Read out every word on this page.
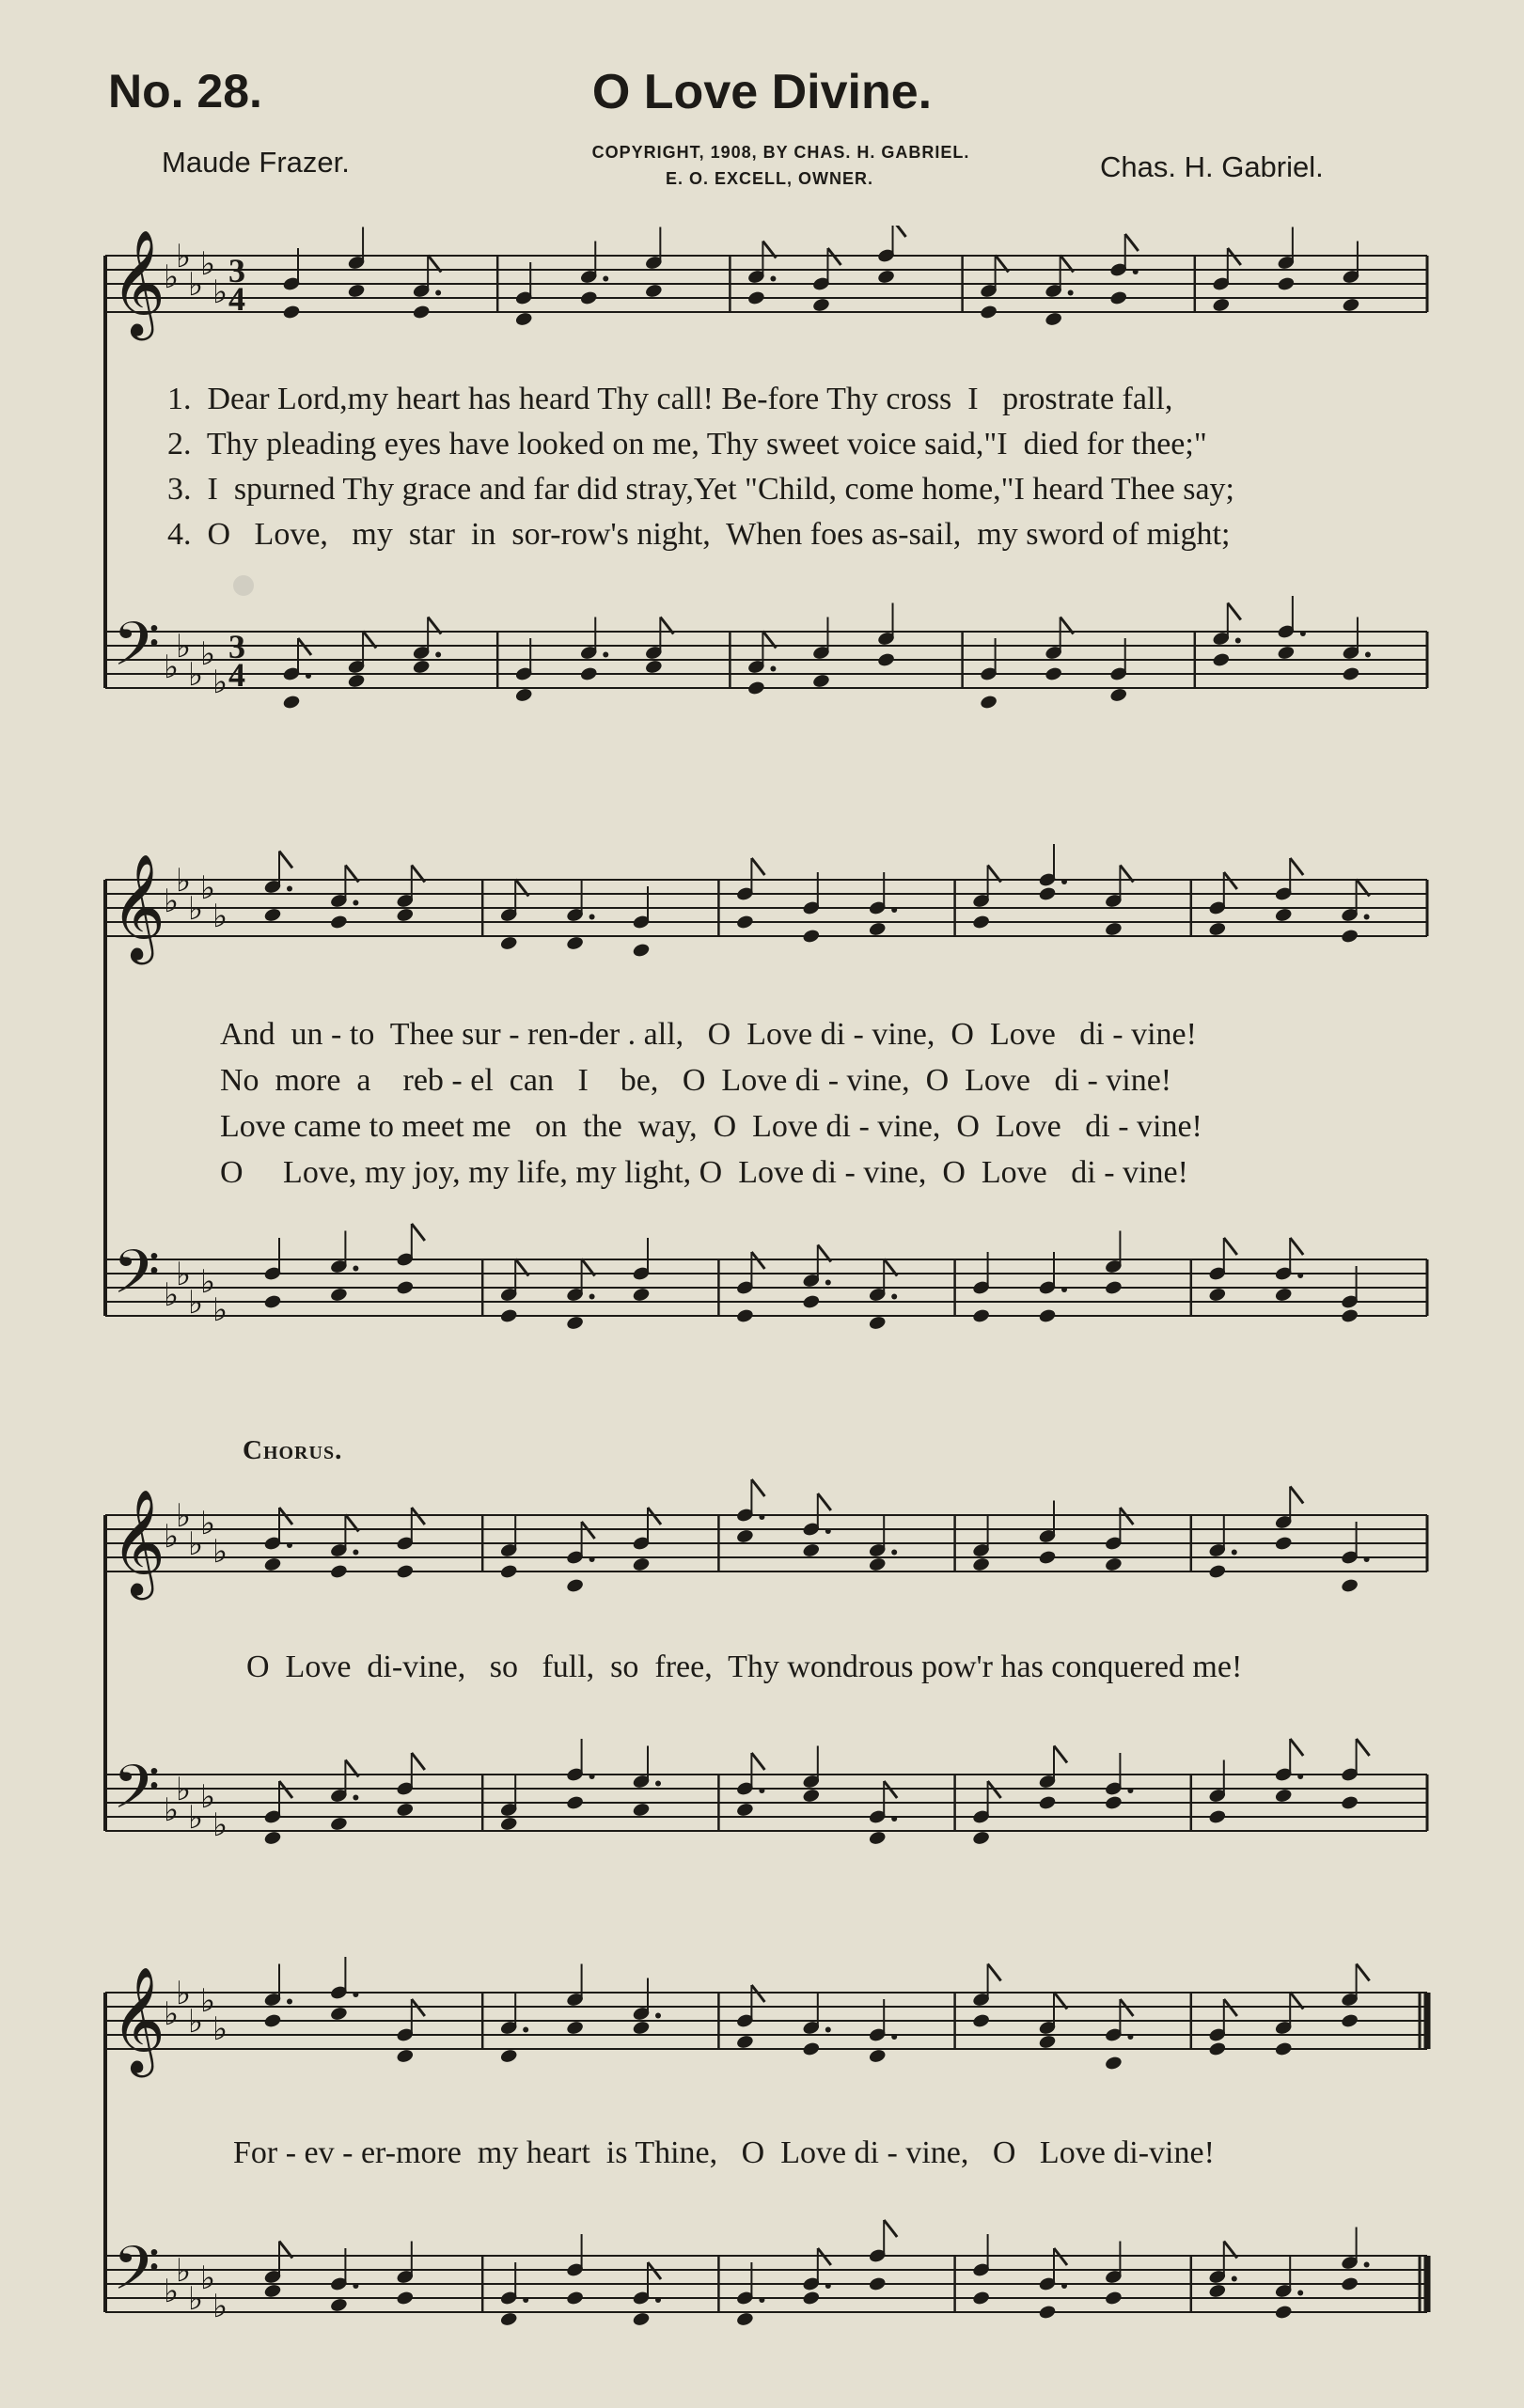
No. 28.	O Love Divine.
Maude Frazer.	COPYRIGHT, 1908, BY CHAS. H. GABRIEL.
E. O. EXCELL, OWNER.	Chas. H. Gabriel.
𝄞
♭
♭
♭
♭
♭
3
4
𝄢 ♭
♭
♭
♭
♭
3
4
1.  Dear Lord,my heart has heard Thy call! Be-fore Thy cross  I   prostrate fall,
2.  Thy pleading eyes have looked on me, Thy sweet voice said,"I  died for thee;"
3.  I  spurned Thy grace and far did stray,Yet "Child, come home,"I heard Thee say;
4.  O   Love,   my  star  in  sor-row's night,  When foes as-sail,  my sword of might;
𝄞
♭
♭
♭
♭
♭
𝄢 ♭
♭
♭
♭
♭
And  un - to  Thee sur - ren-der . all,   O  Love di - vine,  O  Love   di - vine!
No  more  a    reb - el  can   I    be,   O  Love di - vine,  O  Love   di - vine!
Love came to meet me   on  the  way,  O  Love di - vine,  O  Love   di - vine!
O     Love, my joy, my life, my light, O  Love di - vine,  O  Love   di - vine!
Chorus.
𝄞
♭
♭
♭
♭
♭
𝄢 ♭
♭
♭
♭
♭
O  Love  di-vine,   so   full,  so  free,  Thy wondrous pow'r has conquered me!
𝄞
♭
♭
♭
♭
♭
𝄢 ♭
♭
♭
♭
♭
For - ev - er-more  my heart  is Thine,   O  Love di - vine,   O   Love di-vine!
